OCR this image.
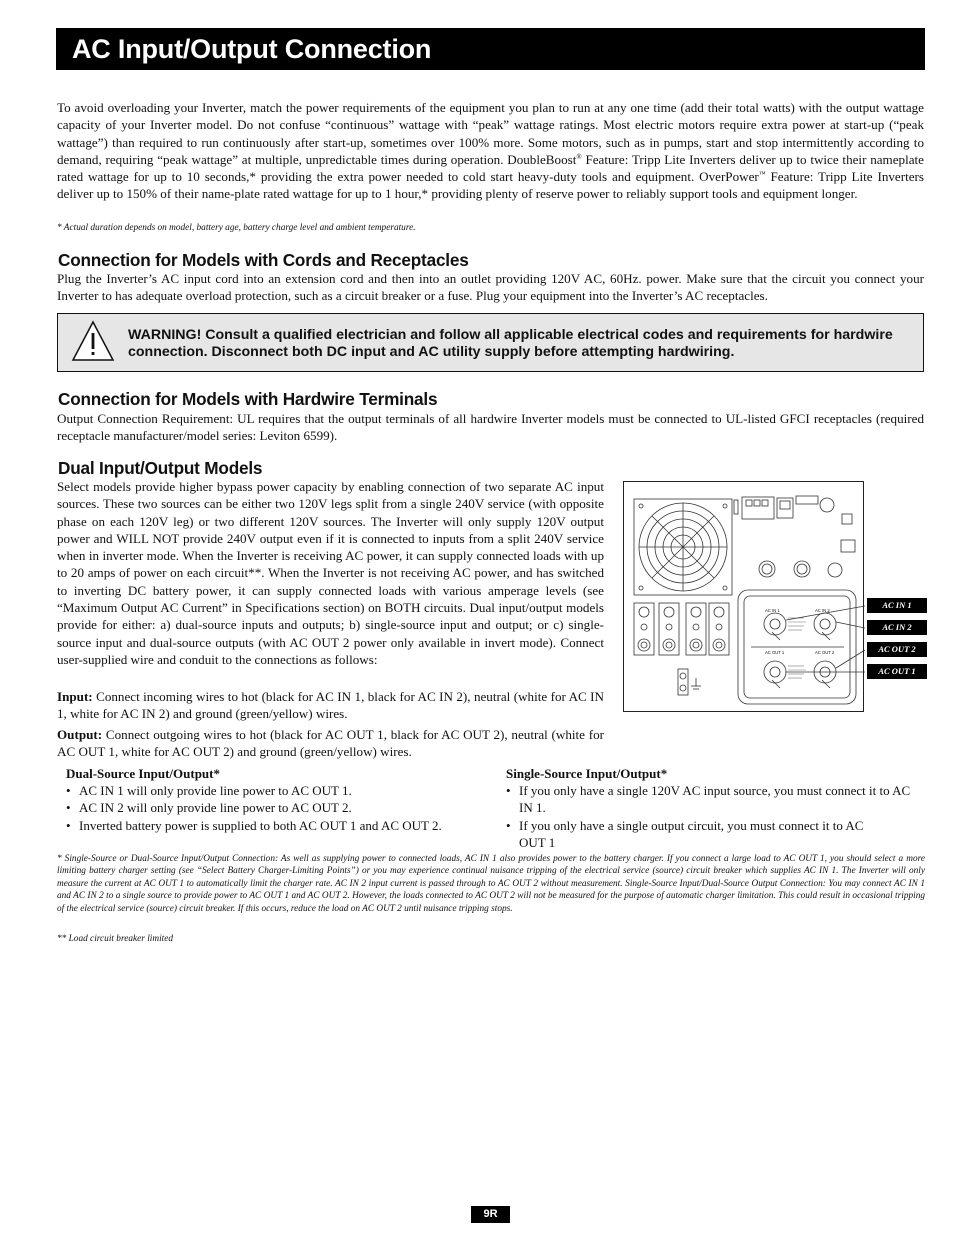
AC Input/Output Connection

To avoid overloading your Inverter, match the power requirements of the equipment you plan to run at any one time (add their total watts) with the output wattage capacity of your Inverter model. Do not confuse “continuous” wattage with “peak” wattage ratings. Most electric motors require extra power at start-up (“peak wattage”) than required to run continuously after start-up, sometimes over 100% more. Some motors, such as in pumps, start and stop intermittently according to demand, requiring “peak wattage” at multiple, unpredictable times during operation. DoubleBoost® Feature: Tripp Lite Inverters deliver up to twice their nameplate rated wattage for up to 10 seconds,* providing the extra power needed to cold start heavy-duty tools and equipment. OverPower™ Feature: Tripp Lite Inverters deliver up to 150% of their name-plate rated wattage for up to 1 hour,* providing plenty of reserve power to reliably support tools and equipment longer.

* Actual duration depends on model, battery age, battery charge level and ambient temperature.

Connection for Models with Cords and Receptacles

Plug the Inverter’s AC input cord into an extension cord and then into an outlet providing 120V AC, 60Hz. power. Make sure that the circuit you connect your Inverter to has adequate overload protection, such as a circuit breaker or a fuse. Plug your equipment into the Inverter’s AC receptacles.

WARNING! Consult a qualified electrician and follow all applicable electrical codes and requirements for hardwire connection. Disconnect both DC input and AC utility supply before attempting hardwiring.

Connection for Models with Hardwire Terminals

Output Connection Requirement: UL requires that the output terminals of all hardwire Inverter models must be connected to UL-listed GFCI receptacles (required receptacle manufacturer/model series: Leviton 6599).

Dual Input/Output Models

Select models provide higher bypass power capacity by enabling connection of two separate AC input sources. These two sources can be either two 120V legs split from a single 240V service (with opposite phase on each 120V leg) or two different 120V sources. The Inverter will only supply 120V output power and WILL NOT provide 240V output even if it is connected to inputs from a split 240V service when in inverter mode. When the Inverter is receiving AC power, it can supply connected loads with up to 20 amps of power on each circuit**. When the Inverter is not receiving AC power, and has switched to inverting DC battery power, it can supply connected loads with various amperage levels (see “Maximum Output AC Current” in Specifications section) on BOTH circuits. Dual input/output models provide for either: a) dual-source inputs and outputs; b) single-source input and output; or c) single-source input and dual-source outputs (with AC OUT 2 power only available in invert mode). Connect user-supplied wire and conduit to the connections as follows:

Input: Connect incoming wires to hot (black for AC IN 1, black for AC IN 2), neutral (white for AC IN 1, white for AC IN 2) and ground (green/yellow) wires.

Output: Connect outgoing wires to hot (black for AC OUT 1, black for AC OUT 2), neutral (white for AC OUT 1, white for AC OUT 2) and ground (green/yellow) wires.

AC IN 1	AC IN 2
AC OUT 1	AC OUT 2
AC IN 1
AC IN 2
AC OUT 2
AC OUT 1
Dual-Source Input/Output*
• AC IN 1 will only provide line power to AC OUT 1.
• AC IN 2 will only provide line power to AC OUT 2.
• Inverted battery power is supplied to both AC OUT 1 and AC OUT 2.
Single-Source Input/Output*
• If you only have a single 120V AC input source, you must connect it to AC IN 1.
• If you only have a single output circuit, you must connect it to AC OUT 1

* Single-Source or Dual-Source Input/Output Connection: As well as supplying power to connected loads, AC IN 1 also provides power to the battery charger. If you connect a large load to AC OUT 1, you should select a more limiting battery charger setting (see “Select Battery Charger-Limiting Points”) or you may experience continual nuisance tripping of the electrical service (source) circuit breaker which supplies AC IN 1. The Inverter will only measure the current at AC OUT 1 to automatically limit the charger rate. AC IN 2 input current is passed through to AC OUT 2 without measurement. Single-Source Input/Dual-Source Output Connection: You may connect AC IN 1 and AC IN 2 to a single source to provide power to AC OUT 1 and AC OUT 2. However, the loads connected to AC OUT 2 will not be measured for the purpose of automatic charger limitation. This could result in occasional tripping of the electrical service (source) circuit breaker. If this occurs, reduce the load on AC OUT 2 until nuisance tripping stops.

** Load circuit breaker limited

9R
